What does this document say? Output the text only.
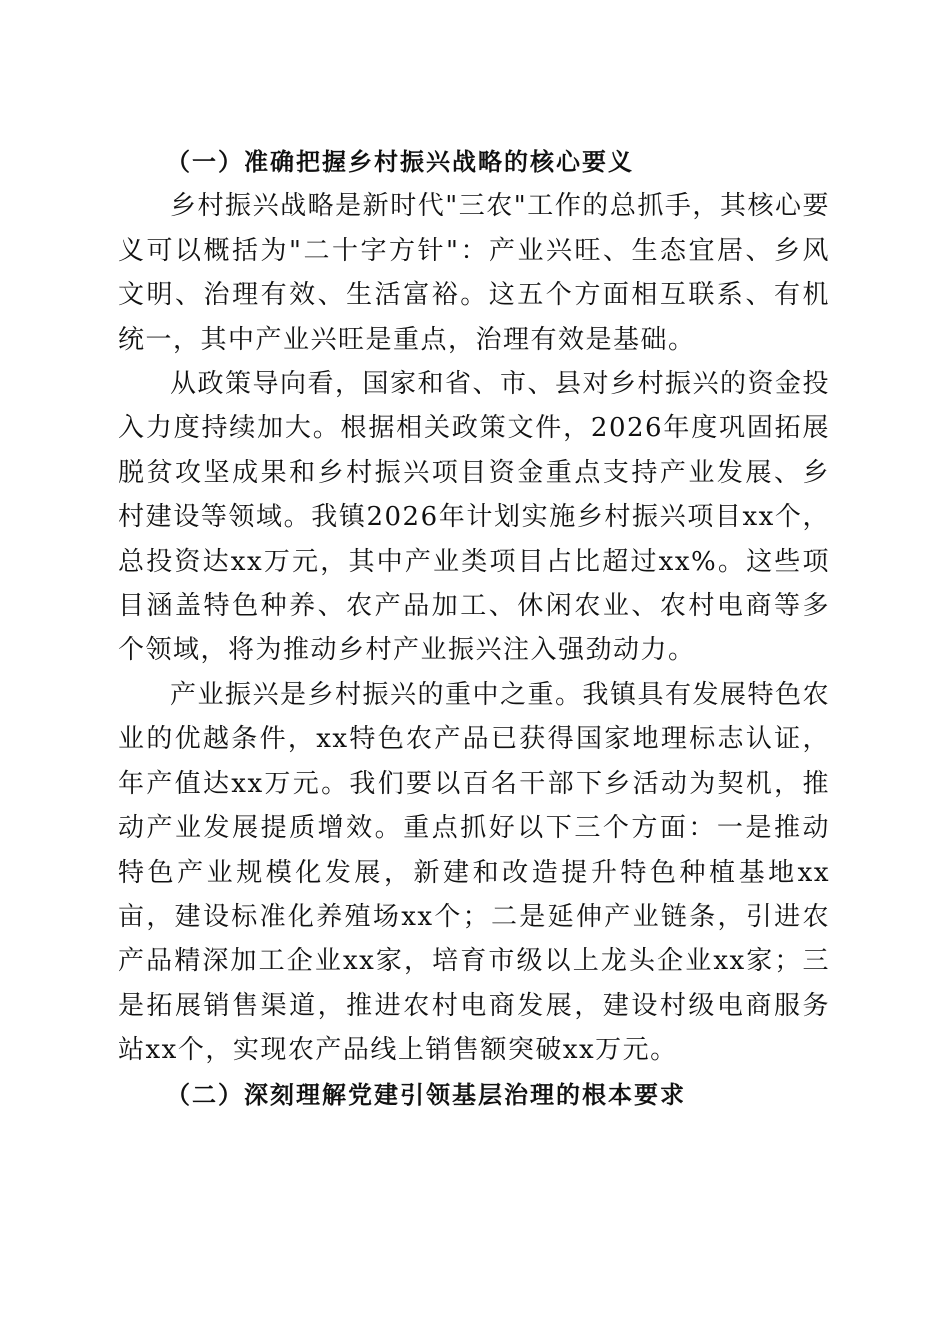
（一）准确把握乡村振兴战略的核心要义

乡村振兴战略是新时代"三农"工作的总抓手，其核心要义可以概括为"二十字方针"：产业兴旺、生态宜居、乡风文明、治理有效、生活富裕。这五个方面相互联系、有机统一，其中产业兴旺是重点，治理有效是基础。

从政策导向看，国家和省、市、县对乡村振兴的资金投入力度持续加大。根据相关政策文件，2026年度巩固拓展脱贫攻坚成果和乡村振兴项目资金重点支持产业发展、乡村建设等领域。我镇2026年计划实施乡村振兴项目xx个，总投资达xx万元，其中产业类项目占比超过xx%。这些项目涵盖特色种养、农产品加工、休闲农业、农村电商等多个领域，将为推动乡村产业振兴注入强劲动力。

产业振兴是乡村振兴的重中之重。我镇具有发展特色农业的优越条件，xx特色农产品已获得国家地理标志认证，年产值达xx万元。我们要以百名干部下乡活动为契机，推动产业发展提质增效。重点抓好以下三个方面：一是推动特色产业规模化发展，新建和改造提升特色种植基地xx亩，建设标准化养殖场xx个；二是延伸产业链条，引进农产品精深加工企业xx家，培育市级以上龙头企业xx家；三是拓展销售渠道，推进农村电商发展，建设村级电商服务站xx个，实现农产品线上销售额突破xx万元。

（二）深刻理解党建引领基层治理的根本要求
